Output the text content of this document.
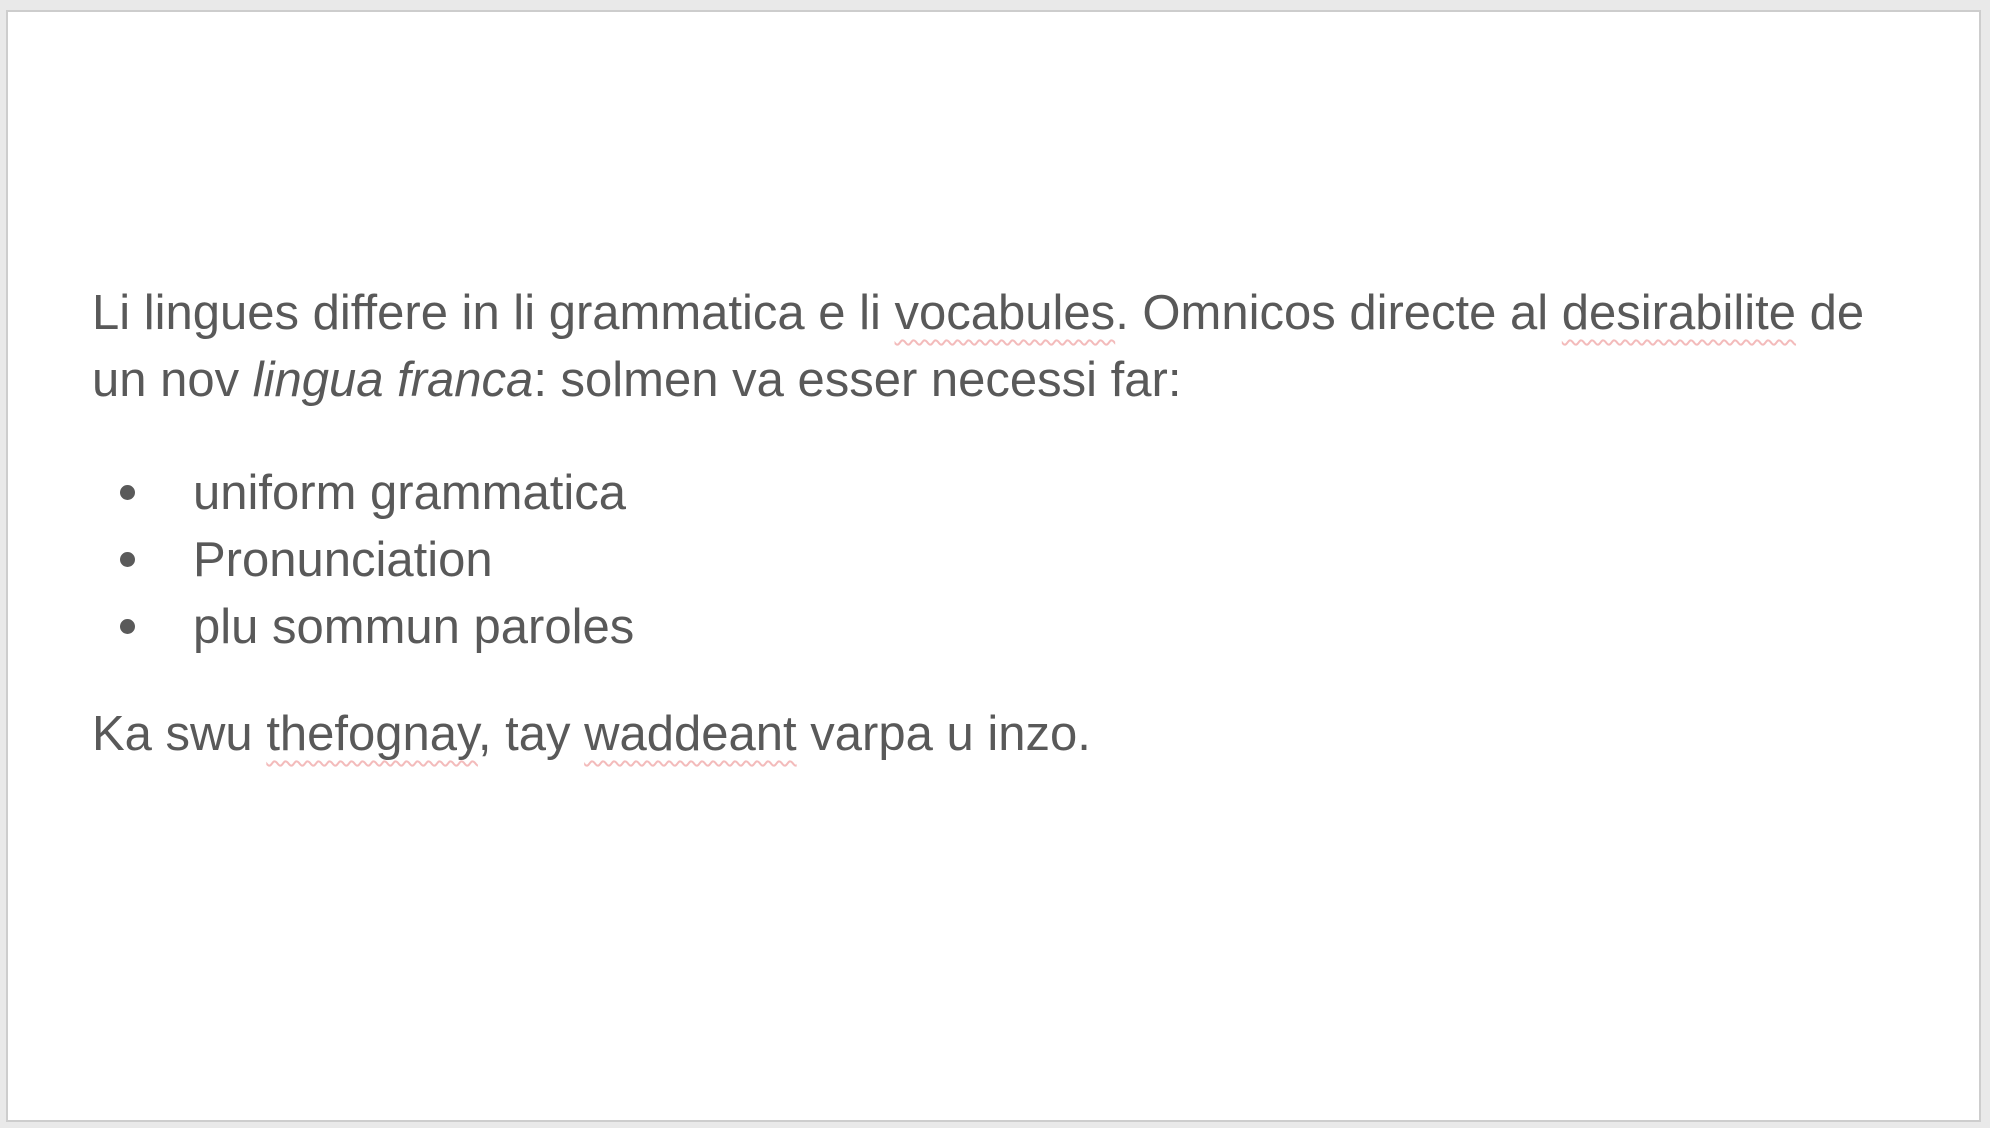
Li lingues differe in li grammatica e li vocabules. Omnicos directe al desirabilite de un nov lingua franca: solmen va esser necessi far:

uniform grammatica
Pronunciation
plu sommun paroles

Ka swu thefognay, tay waddeant varpa u inzo.
